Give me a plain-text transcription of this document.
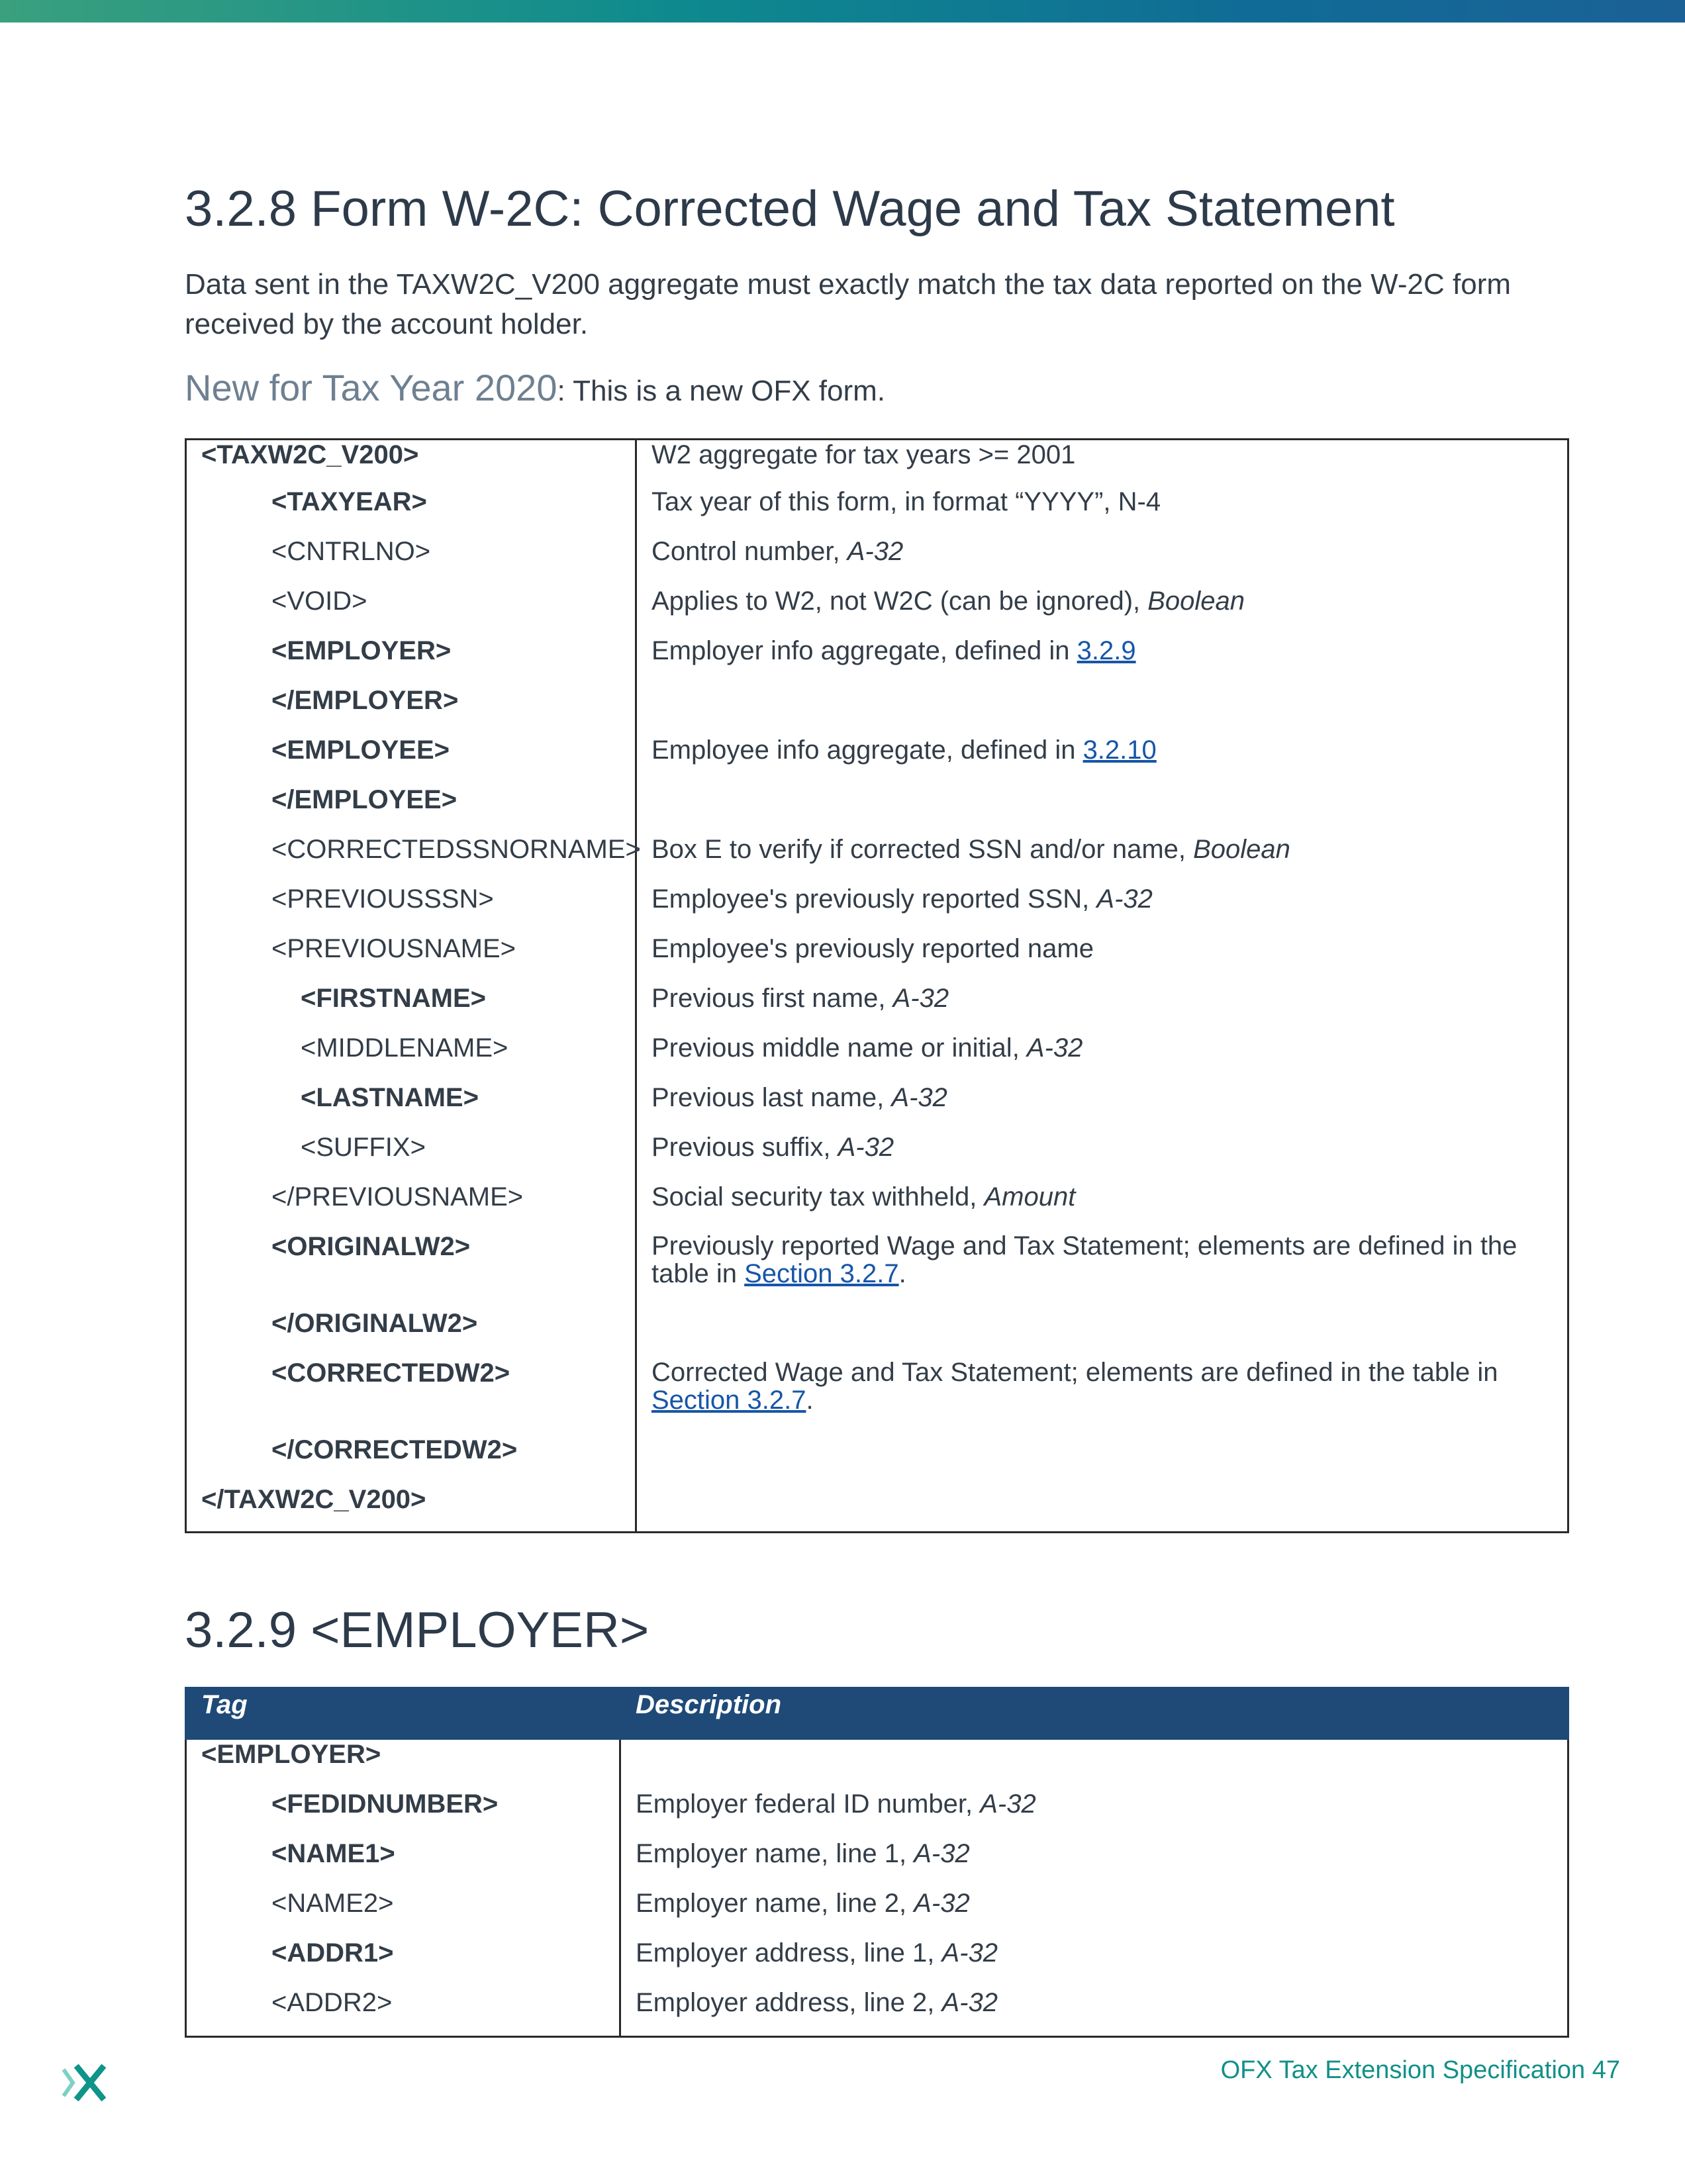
3.2.8 Form W-2C: Corrected Wage and Tax Statement

Data sent in the TAXW2C_V200 aggregate must exactly match the tax data reported on the W-2C form received by the account holder.

New for Tax Year 2020: This is a new OFX form.

<TAXW2C_V200>	W2 aggregate for tax years >= 2001
<TAXYEAR>	Tax year of this form, in format “YYYY”, N-4
<CNTRLNO>	Control number, A-32
<VOID>	Applies to W2, not W2C (can be ignored), Boolean
<EMPLOYER>	Employer info aggregate, defined in 3.2.9
</EMPLOYER>	
<EMPLOYEE>	Employee info aggregate, defined in 3.2.10
</EMPLOYEE>	
<CORRECTEDSSNORNAME>	Box E to verify if corrected SSN and/or name, Boolean
<PREVIOUSSSN>	Employee's previously reported SSN, A-32
<PREVIOUSNAME>	Employee's previously reported name
<FIRSTNAME>	Previous first name, A-32
<MIDDLENAME>	Previous middle name or initial, A-32
<LASTNAME>	Previous last name, A-32
<SUFFIX>	Previous suffix, A-32
</PREVIOUSNAME>	Social security tax withheld, Amount
<ORIGINALW2>	Previously reported Wage and Tax Statement; elements are defined in the table in Section 3.2.7.
</ORIGINALW2>	
<CORRECTEDW2>	Corrected Wage and Tax Statement; elements are defined in the table in Section 3.2.7.
</CORRECTEDW2>	
</TAXW2C_V200>	
3.2.9 <EMPLOYER>
Tag	Description
<EMPLOYER>	
<FEDIDNUMBER>	Employer federal ID number, A-32
<NAME1>	Employer name, line 1, A-32
<NAME2>	Employer name, line 2, A-32
<ADDR1>	Employer address, line 1, A-32
<ADDR2>	Employer address, line 2, A-32

OFX Tax Extension Specification 47
